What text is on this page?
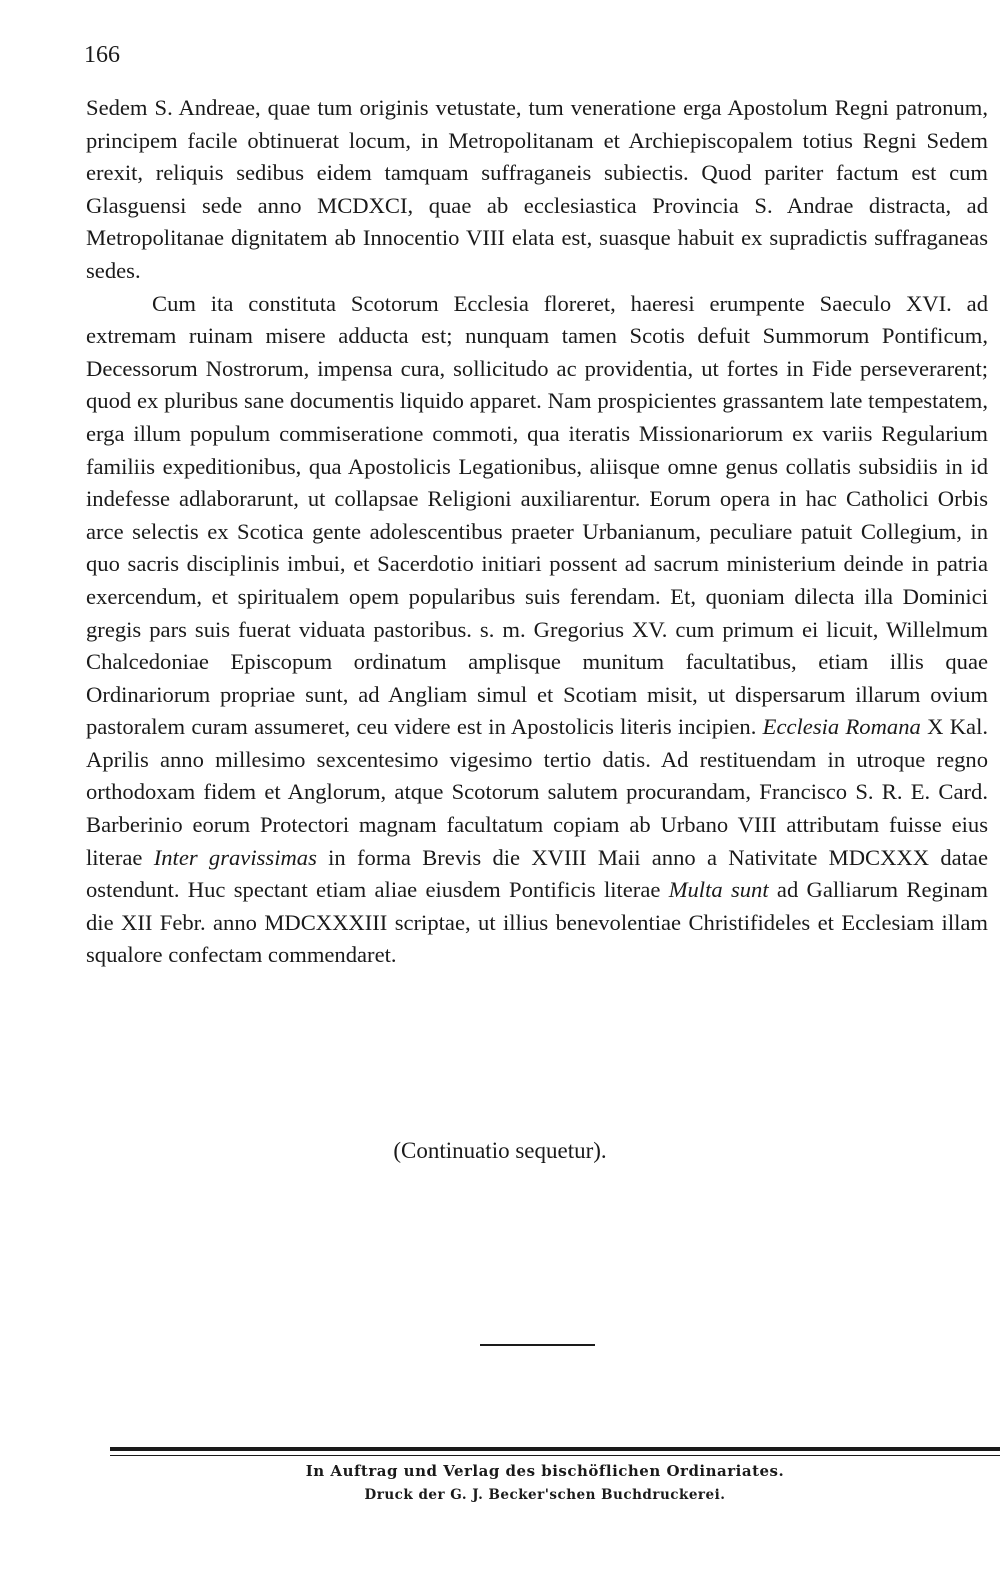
166

Sedem S. Andreae, quae tum originis vetustate, tum veneratione erga Apostolum Regni patronum, principem facile obtinuerat locum, in Metropolitanam et Archiepiscopalem totius Regni Sedem erexit, reliquis sedibus eidem tamquam suffraganeis subiectis. Quod pariter factum est cum Glasguensi sede anno MCDXCI, quae ab ecclesiastica Provincia S. Andrae distracta, ad Metropolitanae dignitatem ab Innocentio VIII elata est, suasque habuit ex supradictis suffraganeas sedes.

Cum ita constituta Scotorum Ecclesia floreret, haeresi erumpente Saeculo XVI. ad extremam ruinam misere adducta est; nunquam tamen Scotis defuit Summorum Pontificum, Decessorum Nostrorum, impensa cura, sollicitudo ac providentia, ut fortes in Fide perseverarent; quod ex pluribus sane documentis liquido apparet. Nam prospicientes grassantem late tempestatem, erga illum populum commiseratione commoti, qua iteratis Missionariorum ex variis Regularium familiis expeditionibus, qua Apostolicis Legationibus, aliisque omne genus collatis subsidiis in id indefesse adlaborarunt, ut collapsae Religioni auxiliarentur. Eorum opera in hac Catholici Orbis arce selectis ex Scotica gente adolescentibus praeter Urbanianum, peculiare patuit Collegium, in quo sacris disciplinis imbui, et Sacerdotio initiari possent ad sacrum ministerium deinde in patria exercendum, et spiritualem opem popularibus suis ferendam. Et, quoniam dilecta illa Dominici gregis pars suis fuerat viduata pastoribus. s. m. Gregorius XV. cum primum ei licuit, Willelmum Chalcedoniae Episcopum ordinatum amplisque munitum facultatibus, etiam illis quae Ordinariorum propriae sunt, ad Angliam simul et Scotiam misit, ut dispersarum illarum ovium pastoralem curam assumeret, ceu videre est in Apostolicis literis incipien. Ecclesia Romana X Kal. Aprilis anno millesimo sexcentesimo vigesimo tertio datis. Ad restituendam in utroque regno orthodoxam fidem et Anglorum, atque Scotorum salutem procurandam, Francisco S. R. E. Card. Barberinio eorum Protectori magnam facultatum copiam ab Urbano VIII attributam fuisse eius literae Inter gravissimas in forma Brevis die XVIII Maii anno a Nativitate MDCXXX datae ostendunt. Huc spectant etiam aliae eiusdem Pontificis literae Multa sunt ad Galliarum Reginam die XII Febr. anno MDCXXXIII scriptae, ut illius benevolentiae Christifideles et Ecclesiam illam squalore confectam commendaret.

(Continuatio sequetur).
In Auftrag und Verlag des bischöflichen Ordinariates.
Druck der G. J. Becker'schen Buchdruckerei.
